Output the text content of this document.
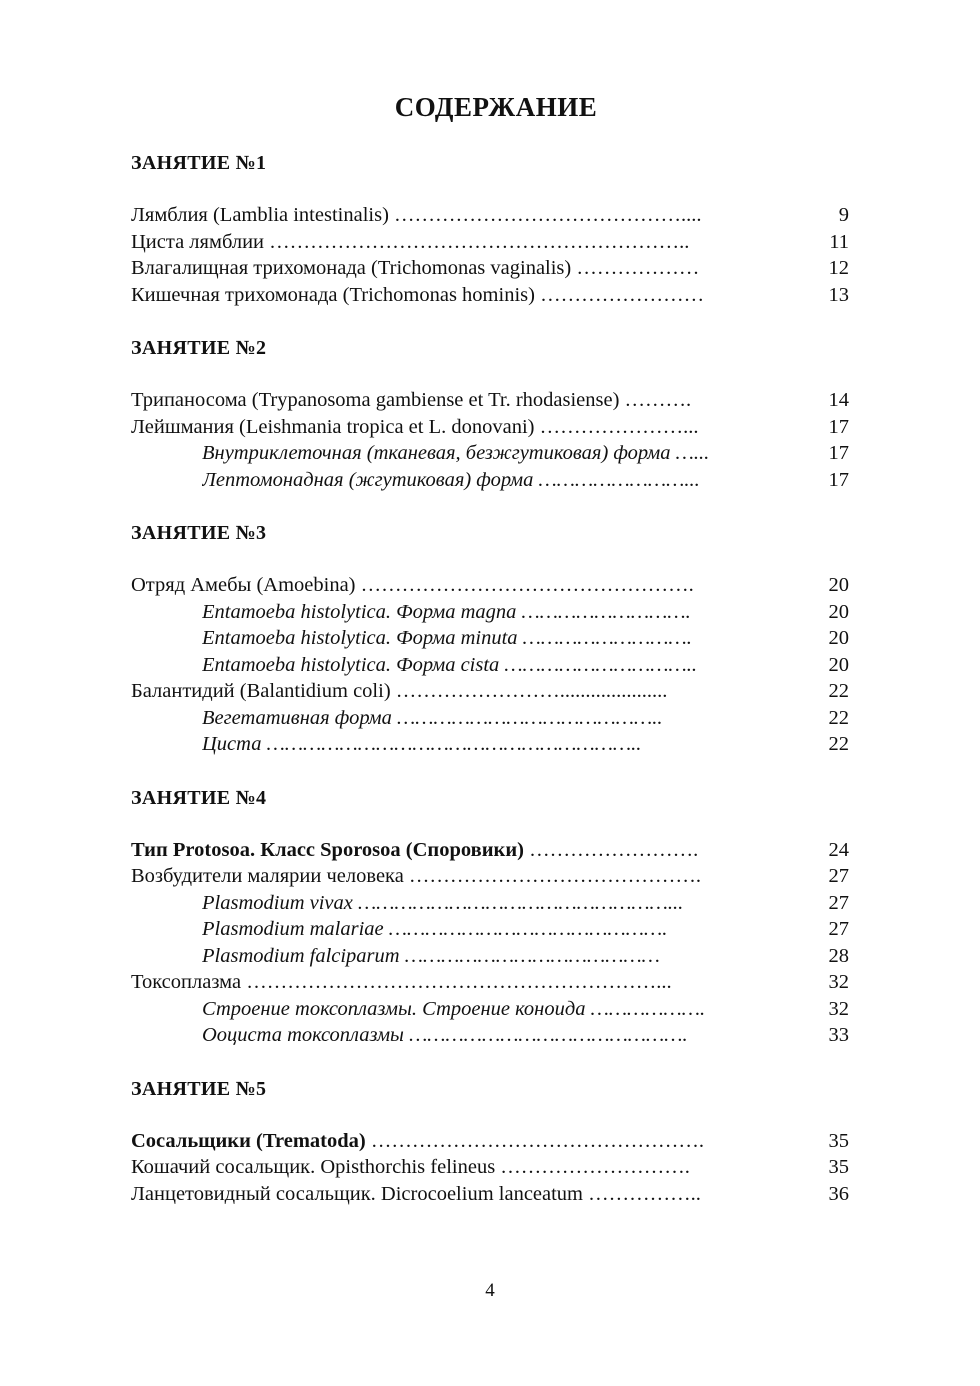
СОДЕРЖАНИЕ
ЗАНЯТИЕ №1
Лямблия (Lamblia intestinalis) ……………………………………....	9
Циста лямблии ……………………………………………………..	11
Влагалищная трихомонада (Trichomonas vaginalis) ………………	12
Кишечная трихомонада (Trichomonas hominis) ……………………	13
ЗАНЯТИЕ №2
Трипаносома (Trypanosoma gambiense et Tr. rhodasiense) ……….	14
Лейшмания (Leishmania tropica et L. donovani) …………………...	17
Внутриклеточная (тканевая, безжгутиковая) форма …...	17
Лептомонадная (жгутиковая) форма ……………………...	17
ЗАНЯТИЕ №3
Отряд Амебы (Amoebina) ………………………………………….	20
Entamoeba histolytica. Форма magna ……………………….	20
Entamoeba histolytica. Форма minuta ……………………….	20
Entamoeba histolytica. Форма cista …………………………..	20
Балантидий (Balantidium coli) …………………….....................	22
Вегетативная форма ……………………………………..	22
Циста ……………………………………………………..	22
ЗАНЯТИЕ №4
Тип Protosoa. Класс Sporosoa (Споровики) …………………….	24
Возбудители малярии человека …………………………………….	27
Plasmodium vivax ……………………………………………...	27
Plasmodium malariae ……………………………………….	27
Plasmodium falciparum ……………………………………	28
Токсоплазма ……………………………………………………...	32
Строение токсоплазмы. Строение коноида ……………….	32
Ооциста токсоплазмы ……………………………………….	33
ЗАНЯТИЕ №5
Сосальщики (Trematoda) ………………………………………….	35
Кошачий сосальщик. Opisthorchis felineus ……………………….	35
Ланцетовидный сосальщик. Dicrocoelium lanceatum ……………..	36
4
